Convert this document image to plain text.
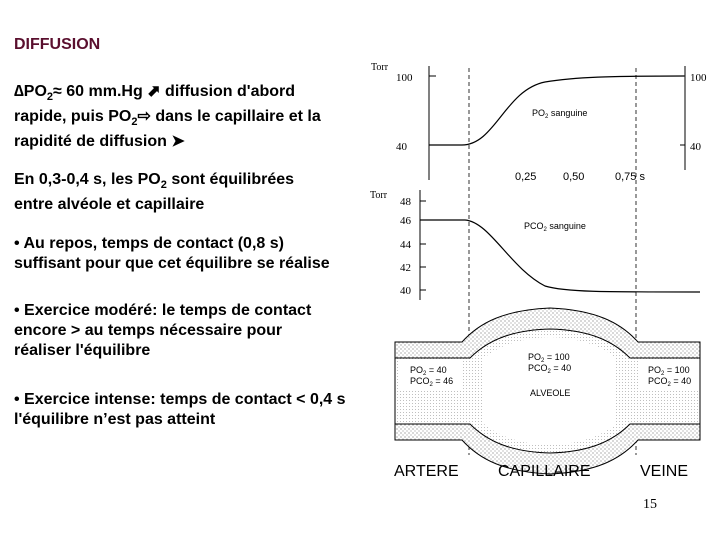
DIFFUSION
$\Delta PO_2\approx 60$ mm.Hg ⬈ diffusion d'abord
rapide, puis $PO_2⇨$ dans le capillaire et la
rapidité de diffusion ➤
En 0,3-0,4 s, les $PO_2$ sont équilibrées
entre alvéole et capillaire
• Au repos, temps de contact (0,8 s)
suffisant pour que cet équilibre se réalise
• Exercice modéré: le temps de contact
encore > au temps nécessaire pour
réaliser l'équilibre
• Exercice intense: temps de contact < 0,4 s
l'équilibre n’est pas atteint
Torr
100
40
100
40
$PO_2$ sanguine
0,25 0,50	0,75 s
Torr
48
46
44
42
40
$PCO_2$ sanguine
$PO_2 = 40$
$PCO_2 = 46$
$PO_2 = 100$
$PCO_2 = 40$
ALVEOLE
$PO_2 = 100$
$PCO_2 = 40$
ARTERE CAPILLAIRE	VEINE
15
